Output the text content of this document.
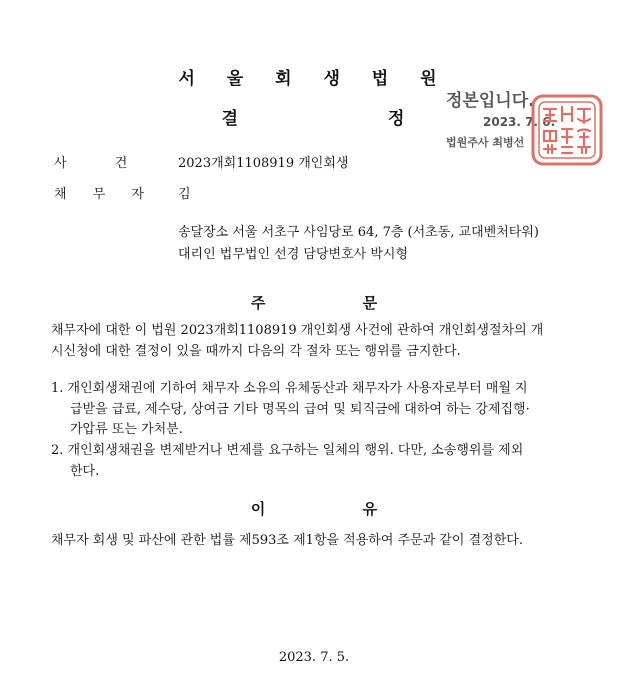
서 울 회 생 법 원
결 정
정본입니다.
2023. 7. 6.
법원주사 최병선
사 건 2023개회1108919 개인회생
채 무 자 김
송달장소 서울 서초구 사임당로 64, 7층 (서초동, 교대벤처타워)
대리인 법무법인 선경 담당변호사 박시형
주 문
채무자에 대한 이 법원 2023개회1108919 개인회생 사건에 관하여 개인회생절차의 개
시신청에 대한 결정이 있을 때까지 다음의 각 절차 또는 행위를 금지한다.
1. 개인회생채권에 기하여 채무자 소유의 유체동산과 채무자가 사용자로부터 매월 지
급받을 급료, 제수당, 상여금 기타 명목의 급여 및 퇴직금에 대하여 하는 강제집행·
가압류 또는 가처분.
2. 개인회생채권을 변제받거나 변제를 요구하는 일체의 행위. 다만, 소송행위를 제외
한다.
이 유
채무자 회생 및 파산에 관한 법률 제593조 제1항을 적용하여 주문과 같이 결정한다.
2023. 7. 5.
